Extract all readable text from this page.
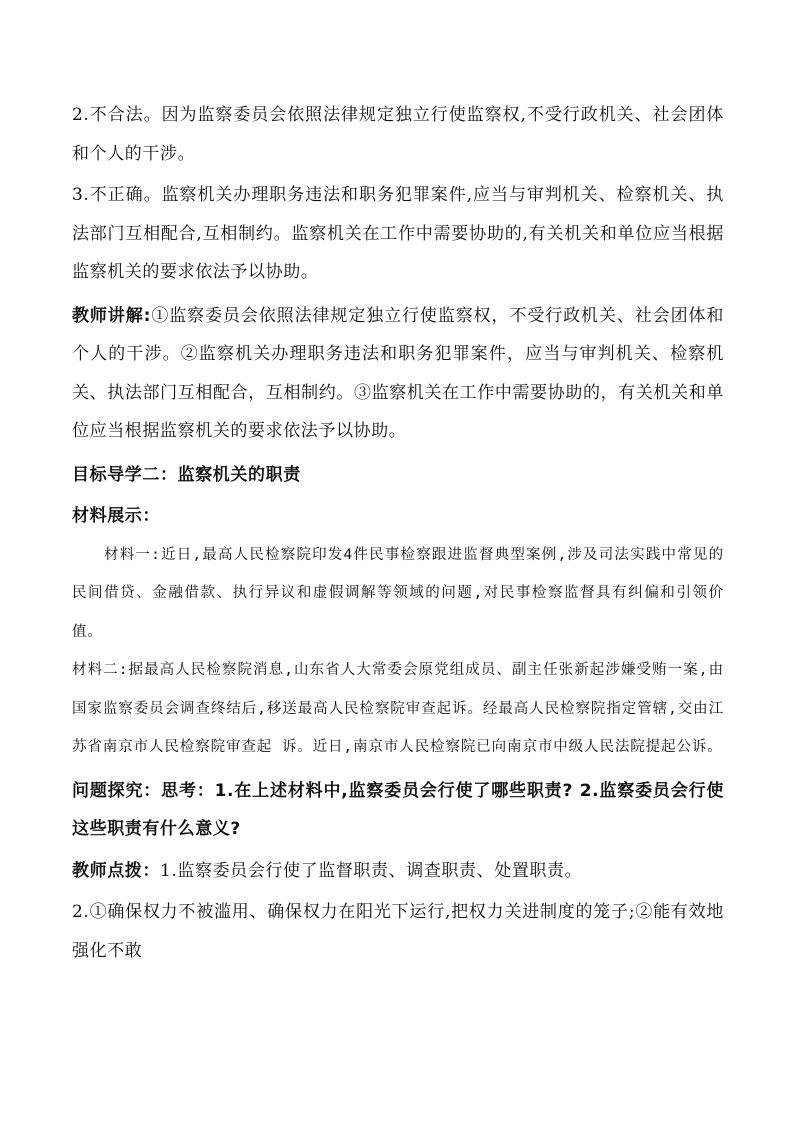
2.不合法。因为监察委员会依照法律规定独立行使监察权,不受行政机关、社会团体和个人的干涉。

3.不正确。监察机关办理职务违法和职务犯罪案件,应当与审判机关、检察机关、执法部门互相配合,互相制约。监察机关在工作中需要协助的,有关机关和单位应当根据监察机关的要求依法予以协助。

教师讲解:①监察委员会依照法律规定独立行使监察权，不受行政机关、社会团体和个人的干涉。②监察机关办理职务违法和职务犯罪案件，应当与审判机关、检察机关、执法部门互相配合，互相制约。③监察机关在工作中需要协助的，有关机关和单位应当根据监察机关的要求依法予以协助。

目标导学二：监察机关的职责

材料展示：

材料一:近日,最高人民检察院印发4件民事检察跟进监督典型案例,涉及司法实践中常见的民间借贷、金融借款、执行异议和虚假调解等领域的问题,对民事检察监督具有纠偏和引领价值。

材料二:据最高人民检察院消息,山东省人大常委会原党组成员、副主任张新起涉嫌受贿一案,由国家监察委员会调查终结后,移送最高人民检察院审查起诉。经最高人民检察院指定管辖,交由江苏省南京市人民检察院审查起 诉。近日,南京市人民检察院已向南京市中级人民法院提起公诉。

问题探究：思考：1.在上述材料中,监察委员会行使了哪些职责? 2.监察委员会行使这些职责有什么意义?

教师点拨：1.监察委员会行使了监督职责、调查职责、处置职责。

2.①确保权力不被滥用、确保权力在阳光下运行,把权力关进制度的笼子;②能有效地强化不敢
